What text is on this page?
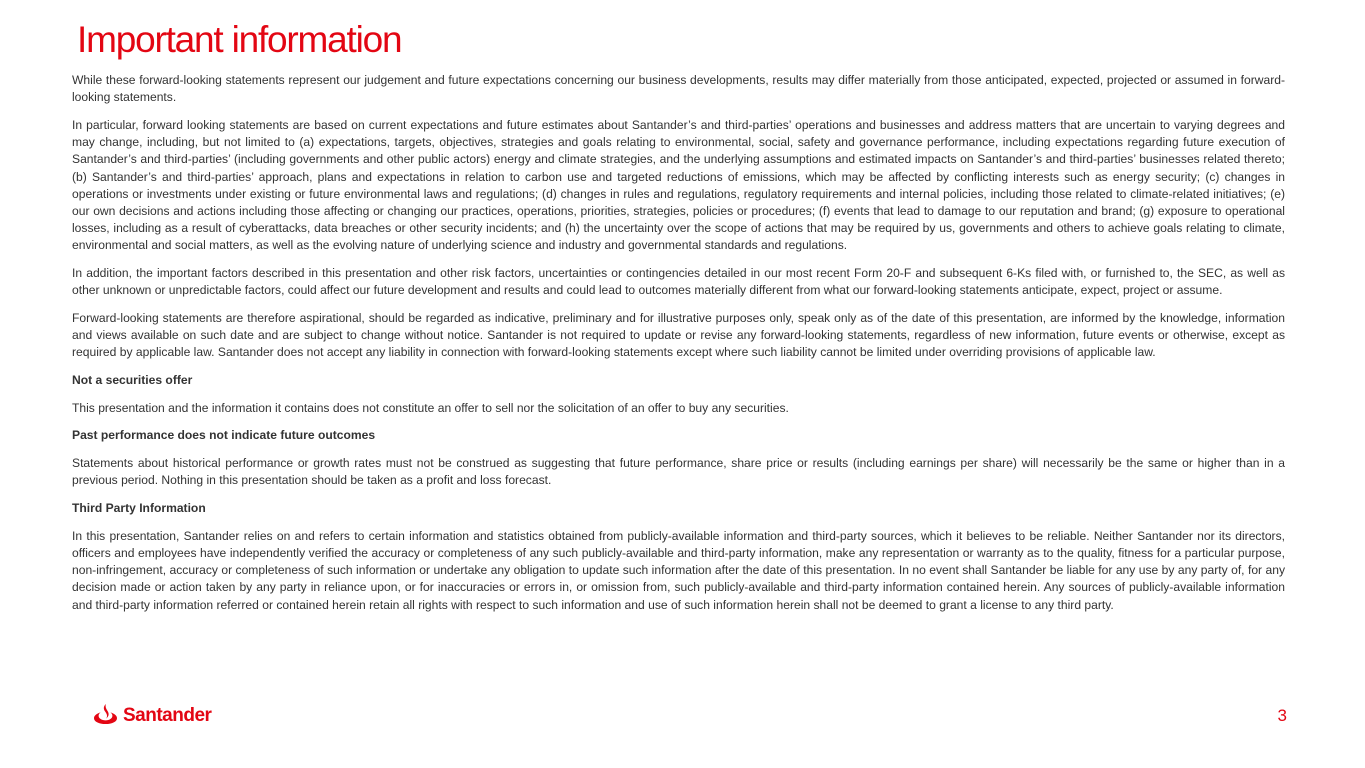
Important information

While these forward-looking statements represent our judgement and future expectations concerning our business developments, results may differ materially from those anticipated, expected, projected or assumed in forward-looking statements.

In particular, forward looking statements are based on current expectations and future estimates about Santander’s and third-parties’ operations and businesses and address matters that are uncertain to varying degrees and may change, including, but not limited to (a) expectations, targets, objectives, strategies and goals relating to environmental, social, safety and governance performance, including expectations regarding future execution of Santander’s and third-parties’ (including governments and other public actors) energy and climate strategies, and the underlying assumptions and estimated impacts on Santander’s and third-parties’ businesses related thereto; (b) Santander’s and third-parties’ approach, plans and expectations in relation to carbon use and targeted reductions of emissions, which may be affected by conflicting interests such as energy security; (c) changes in operations or investments under existing or future environmental laws and regulations; (d) changes in rules and regulations, regulatory requirements and internal policies, including those related to climate-related initiatives; (e) our own decisions and actions including those affecting or changing our practices, operations, priorities, strategies, policies or procedures; (f) events that lead to damage to our reputation and brand; (g) exposure to operational losses, including as a result of cyberattacks, data breaches or other security incidents; and (h) the uncertainty over the scope of actions that may be required by us, governments and others to achieve goals relating to climate, environmental and social matters, as well as the evolving nature of underlying science and industry and governmental standards and regulations.

In addition, the important factors described in this presentation and other risk factors, uncertainties or contingencies detailed in our most recent Form 20-F and subsequent 6-Ks filed with, or furnished to, the SEC, as well as other unknown or unpredictable factors, could affect our future development and results and could lead to outcomes materially different from what our forward-looking statements anticipate, expect, project or assume.

Forward-looking statements are therefore aspirational, should be regarded as indicative, preliminary and for illustrative purposes only, speak only as of the date of this presentation, are informed by the knowledge, information and views available on such date and are subject to change without notice. Santander is not required to update or revise any forward-looking statements, regardless of new information, future events or otherwise, except as required by applicable law. Santander does not accept any liability in connection with forward-looking statements except where such liability cannot be limited under overriding provisions of applicable law.

Not a securities offer

This presentation and the information it contains does not constitute an offer to sell nor the solicitation of an offer to buy any securities.

Past performance does not indicate future outcomes

Statements about historical performance or growth rates must not be construed as suggesting that future performance, share price or results (including earnings per share) will necessarily be the same or higher than in a previous period. Nothing in this presentation should be taken as a profit and loss forecast.

Third Party Information

In this presentation, Santander relies on and refers to certain information and statistics obtained from publicly-available information and third-party sources, which it believes to be reliable. Neither Santander nor its directors, officers and employees have independently verified the accuracy or completeness of any such publicly-available and third-party information, make any representation or warranty as to the quality, fitness for a particular purpose, non-infringement, accuracy or completeness of such information or undertake any obligation to update such information after the date of this presentation. In no event shall Santander be liable for any use by any party of, for any decision made or action taken by any party in reliance upon, or for inaccuracies or errors in, or omission from, such publicly-available and third-party information contained herein. Any sources of publicly-available information and third-party information referred or contained herein retain all rights with respect to such information and use of such information herein shall not be deemed to grant a license to any third party.

Santander	3
